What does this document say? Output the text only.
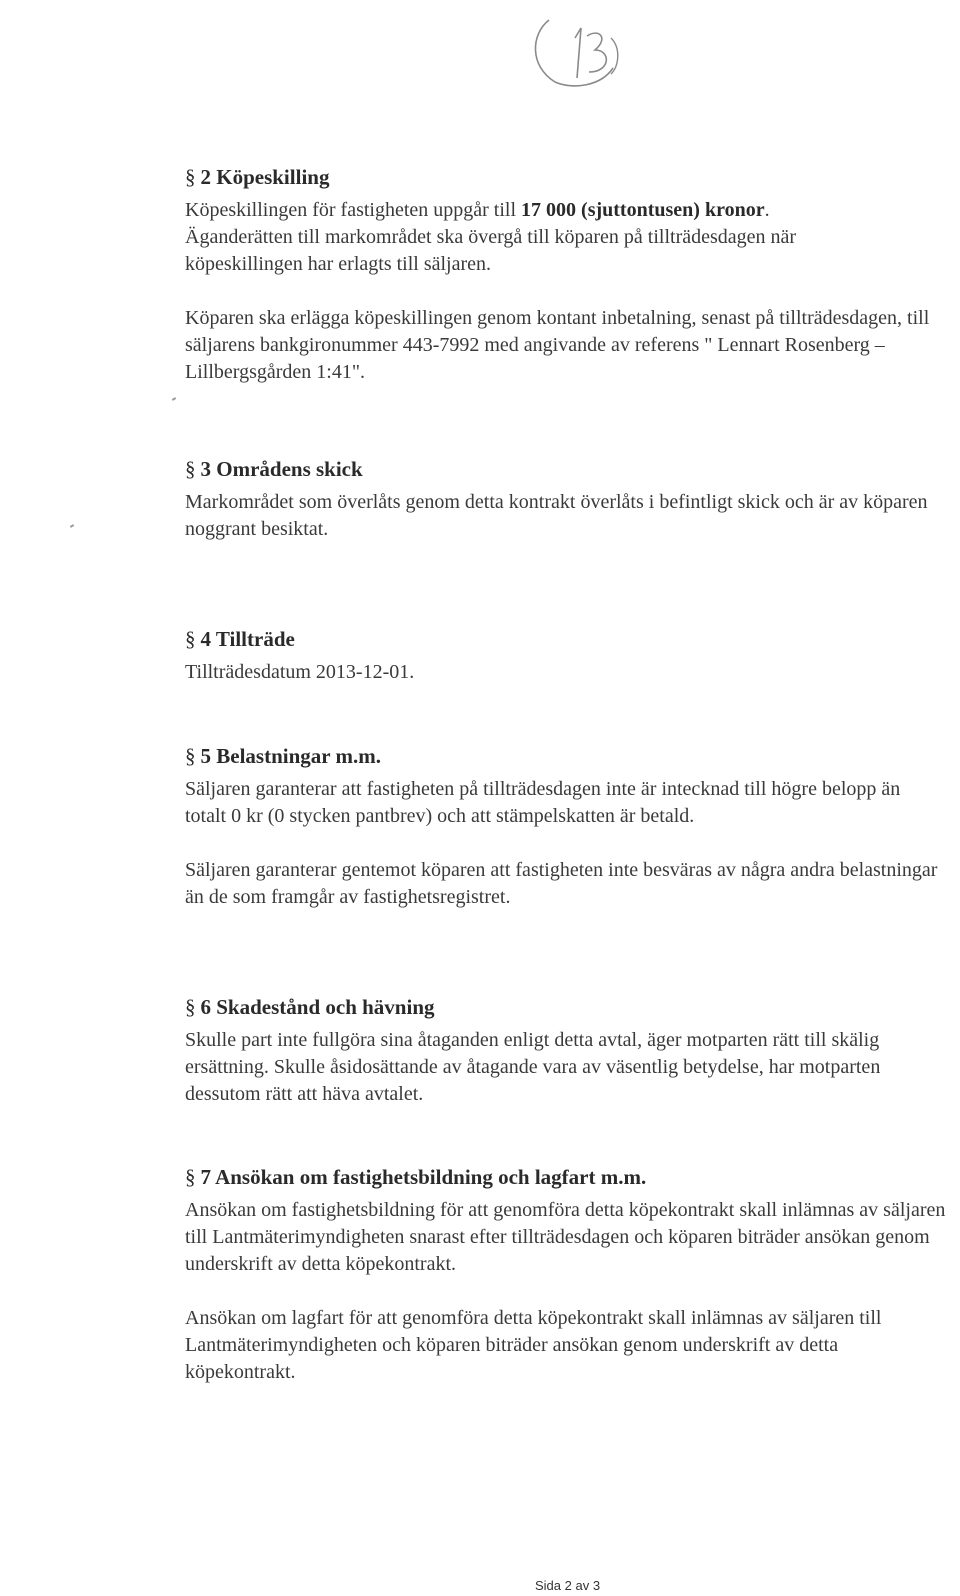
§ 2 Köpeskilling

Köpeskillingen för fastigheten uppgår till 17 000 (sjuttontusen) kronor. Äganderätten till markområdet ska övergå till köparen på tillträdesdagen när köpeskillingen har erlagts till säljaren.

Köparen ska erlägga köpeskillingen genom kontant inbetalning, senast på tillträdesdagen, till säljarens bankgironummer 443-7992 med angivande av referens " Lennart Rosenberg – Lillbergsgården 1:41".

§ 3 Områdens skick

Markområdet som överlåts genom detta kontrakt överlåts i befintligt skick och är av köparen noggrant besiktat.

§ 4 Tillträde

Tillträdesdatum 2013-12-01.

§ 5 Belastningar m.m.

Säljaren garanterar att fastigheten på tillträdesdagen inte är intecknad till högre belopp än totalt 0 kr (0 stycken pantbrev) och att stämpelskatten är betald.

Säljaren garanterar gentemot köparen att fastigheten inte besväras av några andra belastningar än de som framgår av fastighetsregistret.

§ 6 Skadestånd och hävning

Skulle part inte fullgöra sina åtaganden enligt detta avtal, äger motparten rätt till skälig ersättning. Skulle åsidosättande av åtagande vara av väsentlig betydelse, har motparten dessutom rätt att häva avtalet.

§ 7 Ansökan om fastighetsbildning och lagfart m.m.

Ansökan om fastighetsbildning för att genomföra detta köpekontrakt skall inlämnas av säljaren till Lantmäterimyndigheten snarast efter tillträdesdagen och köparen biträder ansökan genom underskrift av detta köpekontrakt.

Ansökan om lagfart för att genomföra detta köpekontrakt skall inlämnas av säljaren till Lantmäterimyndigheten och köparen biträder ansökan genom underskrift av detta köpekontrakt.

Sida 2 av 3
